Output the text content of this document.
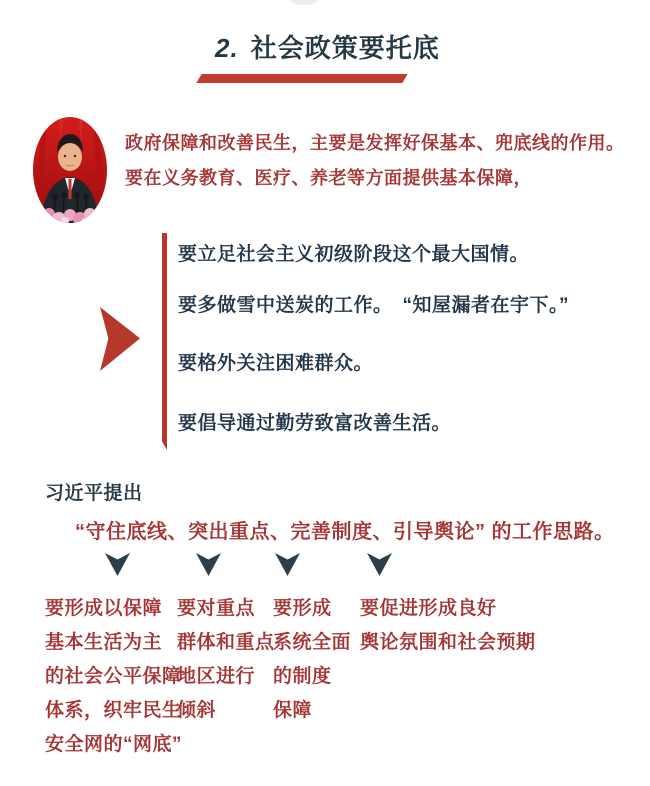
2. 社会政策要托底
政府保障和改善民生，主要是发挥好保基本、兜底线的作用。
要在义务教育、医疗、养老等方面提供基本保障，
要立足社会主义初级阶段这个最大国情。
要多做雪中送炭的工作。　“知屋漏者在宇下。”
要格外关注困难群众。
要倡导通过勤劳致富改善生活。
习近平提出
“守住底线、突出重点、完善制度、引导舆论” 的工作思路。
要形成以保障
基本生活为主
的社会公平保障
体系，织牢民生
安全网的“网底”
要对重点
群体和重点
地区进行
倾斜
要形成
系统全面
的制度
保障
要促进形成良好
舆论氛围和社会预期
